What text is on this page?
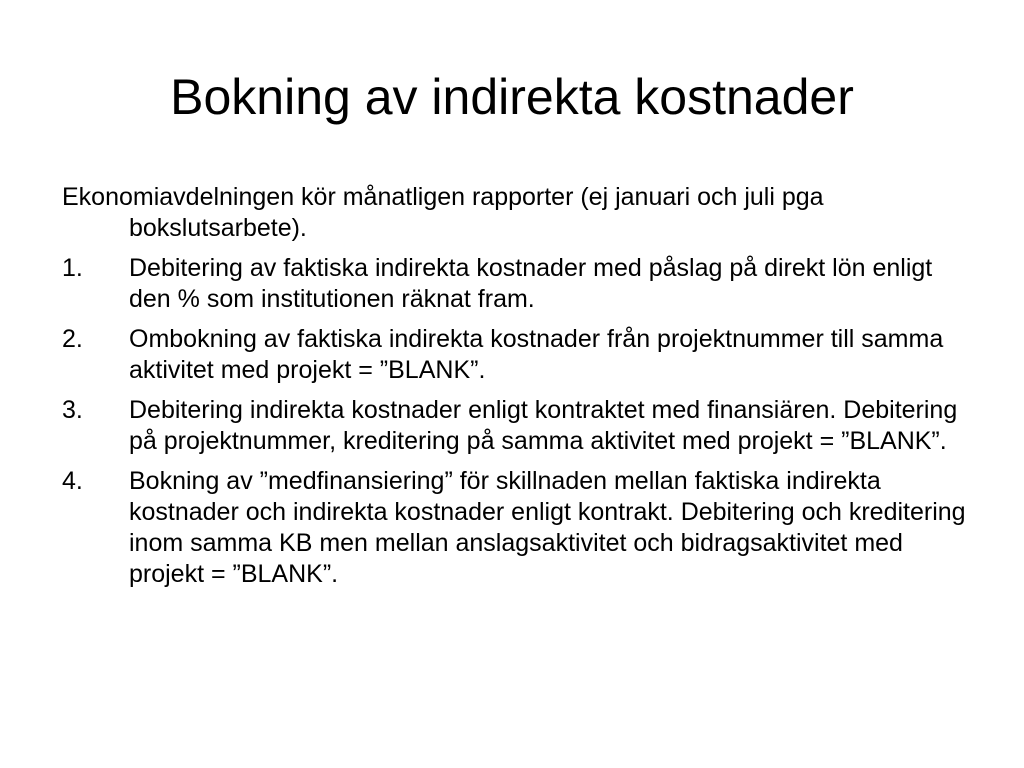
Bokning av indirekta kostnader

Ekonomiavdelningen kör månatligen rapporter (ej januari och juli pga bokslutsarbete).

1.	Debitering av faktiska indirekta kostnader med påslag på direkt lön enligt den % som institutionen räknat fram.
2.	Ombokning av faktiska indirekta kostnader från projektnummer till samma aktivitet med projekt = ”BLANK”.
3.	Debitering indirekta kostnader enligt kontraktet med finansiären. Debitering på projektnummer, kreditering på samma aktivitet med projekt = ”BLANK”.
4.	Bokning av ”medfinansiering” för skillnaden mellan faktiska indirekta kostnader och indirekta kostnader enligt kontrakt. Debitering och kreditering inom samma KB men mellan anslagsaktivitet och bidragsaktivitet med projekt = ”BLANK”.
